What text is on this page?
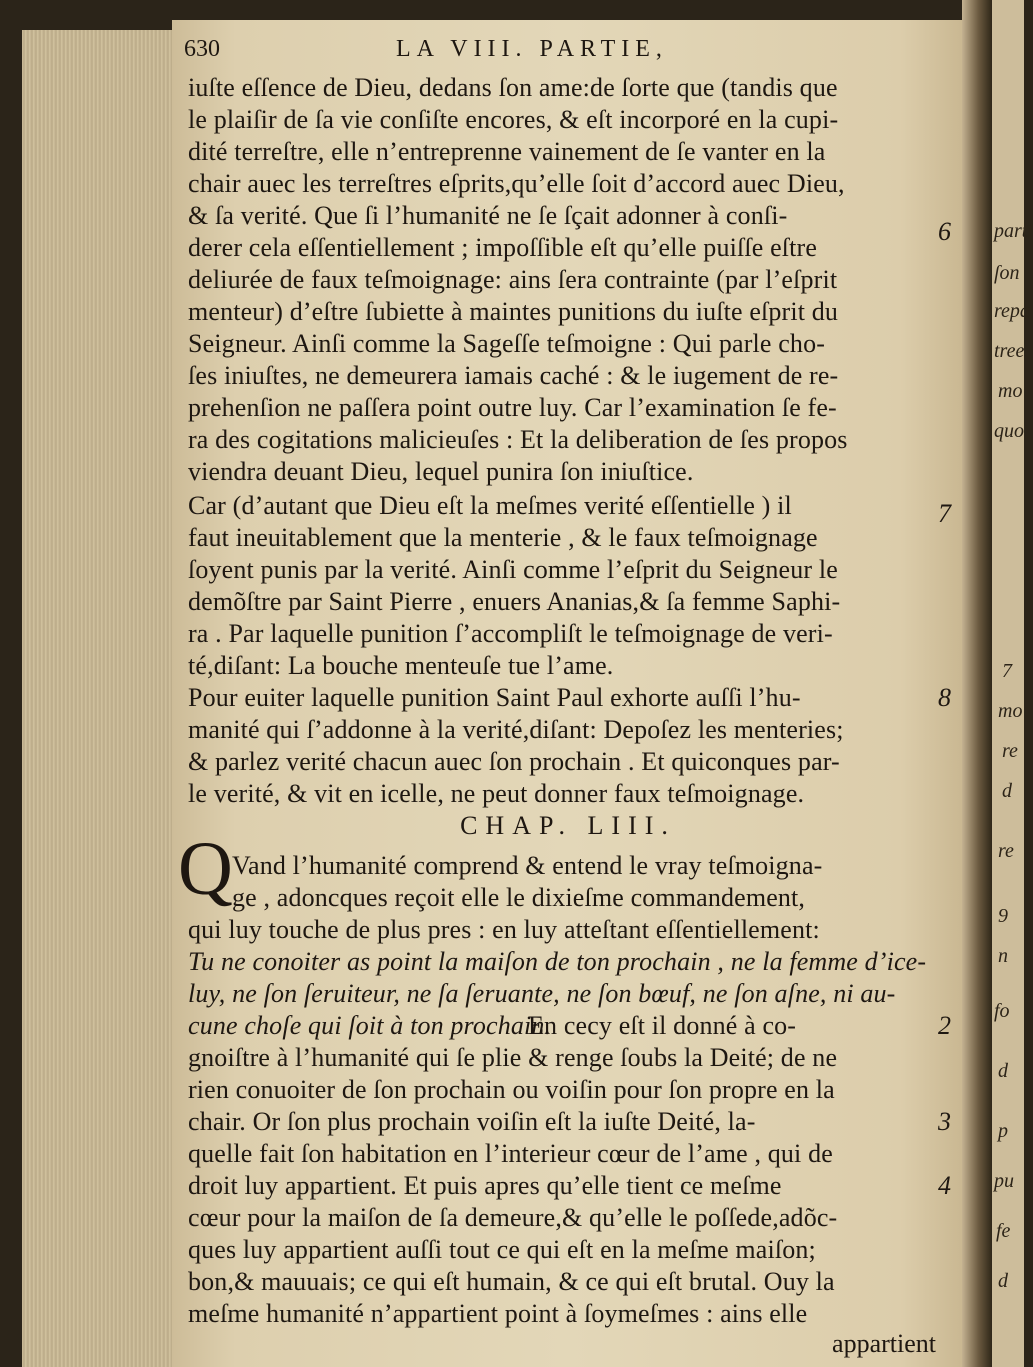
630	LA VIII. PARTIE,
iuſte eſſence de Dieu, dedans ſon ame:de ſorte que (tandis que
le plaiſir de ſa vie conſiſte encores, & eſt incorporé en la cupi-
dité terreſtre, elle n’entreprenne vainement de ſe vanter en la
chair auec les terreſtres eſprits,qu’elle ſoit d’accord auec Dieu,
& ſa verité. Que ſi l’humanité ne ſe ſçait adonner à conſi-
derer cela eſſentiellement ; impoſſible eſt qu’elle puiſſe eſtre
deliurée de faux teſmoignage: ains ſera contrainte (par l’eſprit
menteur) d’eſtre ſubiette à maintes punitions du iuſte eſprit du
Seigneur. Ainſi comme la Sageſſe teſmoigne : Qui parle cho-
ſes iniuſtes, ne demeurera iamais caché : & le iugement de re-
prehenſion ne paſſera point outre luy. Car l’examination ſe fe-
ra des cogitations malicieuſes : Et la deliberation de ſes propos
viendra deuant Dieu, lequel punira ſon iniuſtice.
Car (d’autant que Dieu eſt la meſmes verité eſſentielle ) il
faut ineuitablement que la menterie , & le faux teſmoignage
ſoyent punis par la verité. Ainſi comme l’eſprit du Seigneur le
demõſtre par Saint Pierre , enuers Ananias,& ſa femme Saphi-
ra . Par laquelle punition ſ’accompliſt le teſmoignage de veri-
té,diſant: La bouche menteuſe tue l’ame.
Pour euiter laquelle punition Saint Paul exhorte auſſi l’hu-
manité qui ſ’addonne à la verité,diſant: Depoſez les menteries;
& parlez verité chacun auec ſon prochain . Et quiconques par-
le verité, & vit en icelle, ne peut donner faux teſmoignage.
CHAP. LIII.
Q Vand l’humanité comprend & entend le vray teſmoigna-
ge , adoncques reçoit elle le dixieſme commandement,
qui luy touche de plus pres : en luy atteſtant eſſentiellement:
Tu ne conoiter as point la maiſon de ton prochain , ne la femme d’ice-
luy, ne ſon ſeruiteur, ne ſa ſeruante, ne ſon bœuf, ne ſon aſne, ni au-
cune choſe qui ſoit à ton prochain.
En cecy eſt il donné à co-
gnoiſtre à l’humanité qui ſe plie & renge ſoubs la Deité; de ne
rien conuoiter de ſon prochain ou voiſin pour ſon propre en la
chair. Or ſon plus prochain voiſin eſt la iuſte Deité, la-
quelle fait ſon habitation en l’interieur cœur de l’ame , qui de
droit luy appartient. Et puis apres qu’elle tient ce meſme
cœur pour la maiſon de ſa demeure,& qu’elle le poſſede,adõc-
ques luy appartient auſſi tout ce qui eſt en la meſme maiſon;
bon,& mauuais; ce qui eſt humain, & ce qui eſt brutal. Ouy la
meſme humanité n’appartient point à ſoymeſmes : ains elle
appartient
6
7
8
2
3
4
parti
ſon
repa
tree
mo
quo
7
mo
re
d
re
9
n
fo
d
p
pu
fe
d
